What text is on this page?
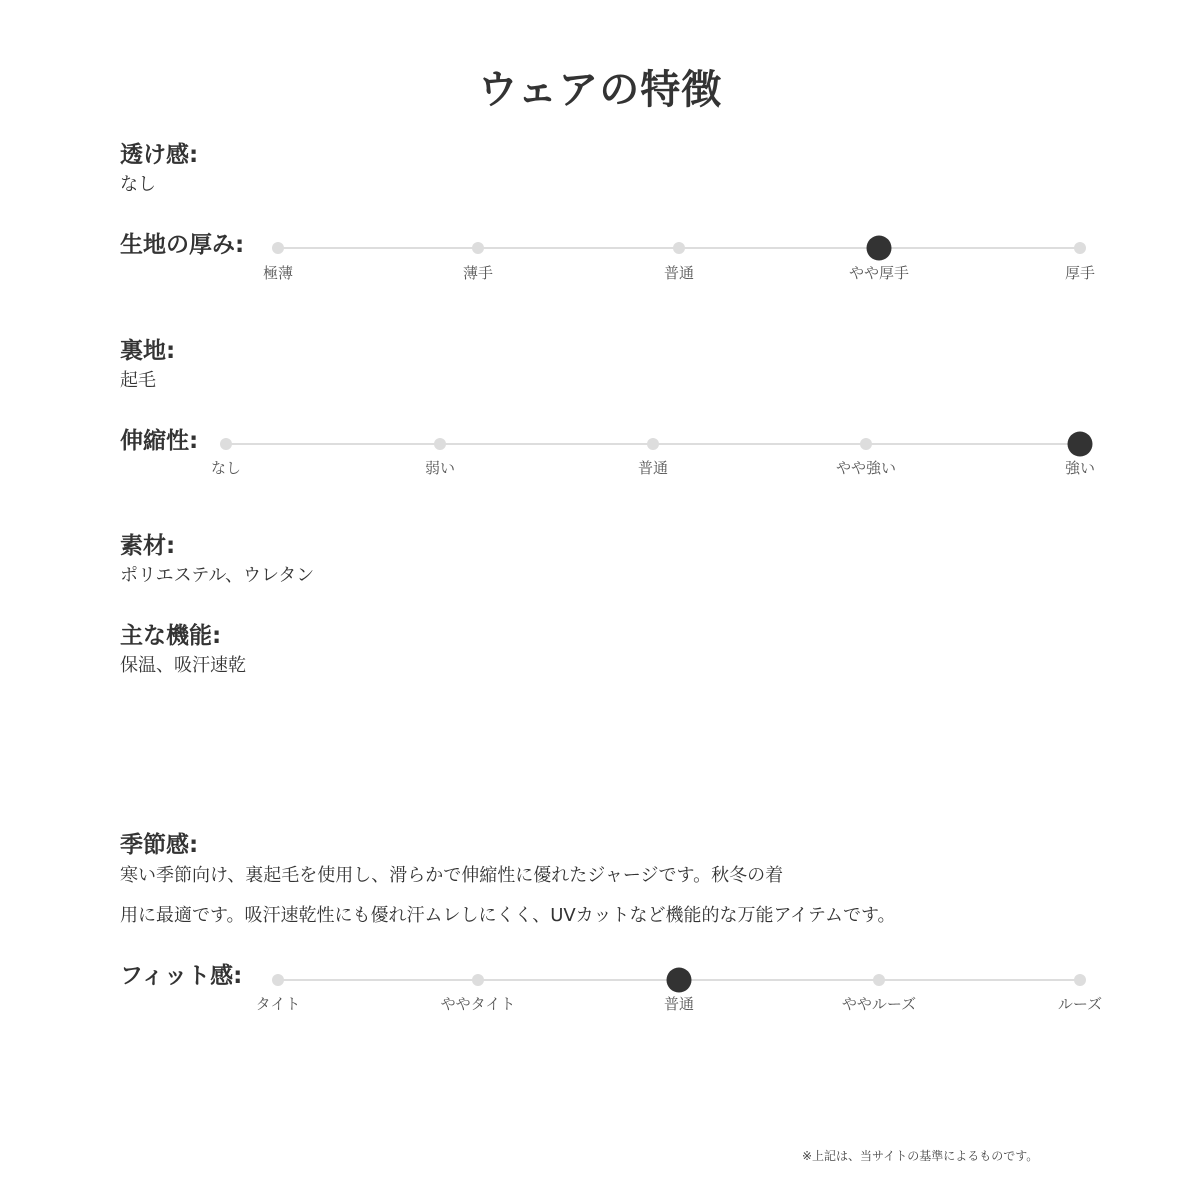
ウェアの特徴
透け感:
なし
生地の厚み:
極薄	薄手	普通	やや厚手	厚手
裏地:
起毛
伸縮性:
なし	弱い	普通	やや強い	強い
素材:
ポリエステル、ウレタン
主な機能:
保温、吸汗速乾
季節感:
寒い季節向け、裏起毛を使用し、滑らかで伸縮性に優れたジャージです。秋冬の着
用に最適です。吸汗速乾性にも優れ汗ムレしにくく、UVカットなど機能的な万能アイテムです。
フィット感:
タイト	ややタイト	普通	ややルーズ	ルーズ
※上記は、当サイトの基準によるものです。
